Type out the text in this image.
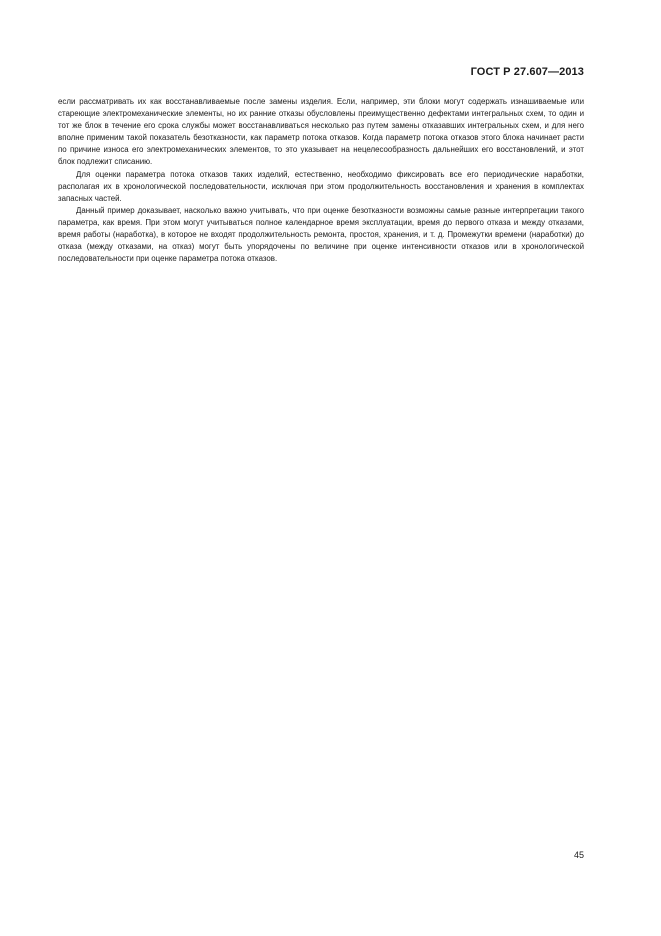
ГОСТ Р 27.607—2013

если рассматривать их как восстанавливаемые после замены изделия. Если, например, эти блоки могут содержать изнашиваемые или стареющие электромеханические элементы, но их ранние отказы обусловлены преимущественно дефектами интегральных схем, то один и тот же блок в течение его срока службы может восстанавливаться несколько раз путем замены отказавших интегральных схем, и для него вполне применим такой показатель безотказности, как параметр потока отказов. Когда параметр потока отказов этого блока начинает расти по причине износа его электромеханических элементов, то это указывает на нецелесообразность дальнейших его восстановлений, и этот блок подлежит списанию.

Для оценки параметра потока отказов таких изделий, естественно, необходимо фиксировать все его периодические наработки, располагая их в хронологической последовательности, исключая при этом продолжительность восстановления и хранения в комплектах запасных частей.

Данный пример доказывает, насколько важно учитывать, что при оценке безотказности возможны самые разные интерпретации такого параметра, как время. При этом могут учитываться полное календарное время эксплуатации, время до первого отказа и между отказами, время работы (наработка), в которое не входят продолжительность ремонта, простоя, хранения, и т. д. Промежутки времени (наработки) до отказа (между отказами, на отказ) могут быть упорядочены по величине при оценке интенсивности отказов или в хронологической последовательности при оценке параметра потока отказов.

45
